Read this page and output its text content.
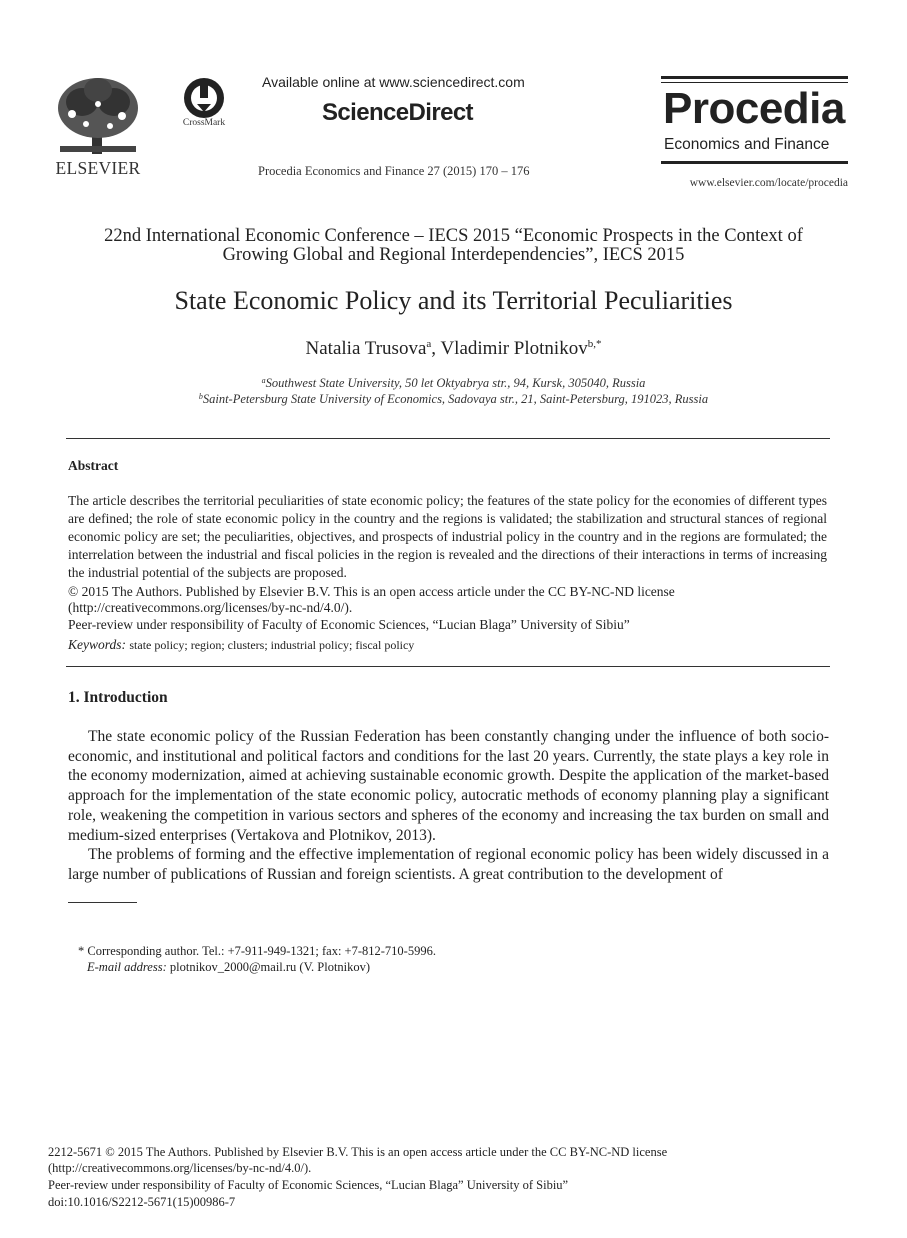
ELSEVIER
CrossMark
Available online at www.sciencedirect.com
ScienceDirect
Procedia Economics and Finance 27 (2015) 170 – 176
Procedia
Economics and Finance
www.elsevier.com/locate/procedia
22nd International Economic Conference – IECS 2015 “Economic Prospects in the Context of
Growing Global and Regional Interdependencies”, IECS 2015
State Economic Policy and its Territorial Peculiarities
Natalia Trusova$^a$, Vladimir Plotnikov$^{b,*}$
$^a$Southwest State University, 50 let Oktyabrya str., 94, Kursk, 305040, Russia
$^b$Saint-Petersburg State University of Economics, Sadovaya str., 21, Saint-Petersburg, 191023, Russia
Abstract
The article describes the territorial peculiarities of state economic policy; the features of the state policy for the economies of different types are defined; the role of state economic policy in the country and the regions is validated; the stabilization and structural stances of regional economic policy are set; the peculiarities, objectives, and prospects of industrial policy in the country and in the regions are formulated; the interrelation between the industrial and fiscal policies in the region is revealed and the directions of their interactions in terms of increasing the industrial potential of the subjects are proposed.
© 2015 The Authors. Published by Elsevier B.V. This is an open access article under the CC BY-NC-ND license
(http://creativecommons.org/licenses/by-nc-nd/4.0/).
Peer-review under responsibility of Faculty of Economic Sciences, “Lucian Blaga” University of Sibiu”
Keywords: state policy; region; clusters; industrial policy; fiscal policy
1. Introduction
The state economic policy of the Russian Federation has been constantly changing under the influence of both socio-economic, and institutional and political factors and conditions for the last 20 years. Currently, the state plays a key role in the economy modernization, aimed at achieving sustainable economic growth. Despite the application of the market-based approach for the implementation of the state economic policy, autocratic methods of economy planning play a significant role, weakening the competition in various sectors and spheres of the economy and increasing the tax burden on small and medium-sized enterprises (Vertakova and Plotnikov, 2013).
The problems of forming and the effective implementation of regional economic policy has been widely discussed in a large number of publications of Russian and foreign scientists. A great contribution to the development of
* Corresponding author. Tel.: +7-911-949-1321; fax: +7-812-710-5996.
E-mail address: plotnikov_2000@mail.ru (V. Plotnikov)
2212-5671 © 2015 The Authors. Published by Elsevier B.V. This is an open access article under the CC BY-NC-ND license
(http://creativecommons.org/licenses/by-nc-nd/4.0/).
Peer-review under responsibility of Faculty of Economic Sciences, “Lucian Blaga” University of Sibiu”
doi:10.1016/S2212-5671(15)00986-7
